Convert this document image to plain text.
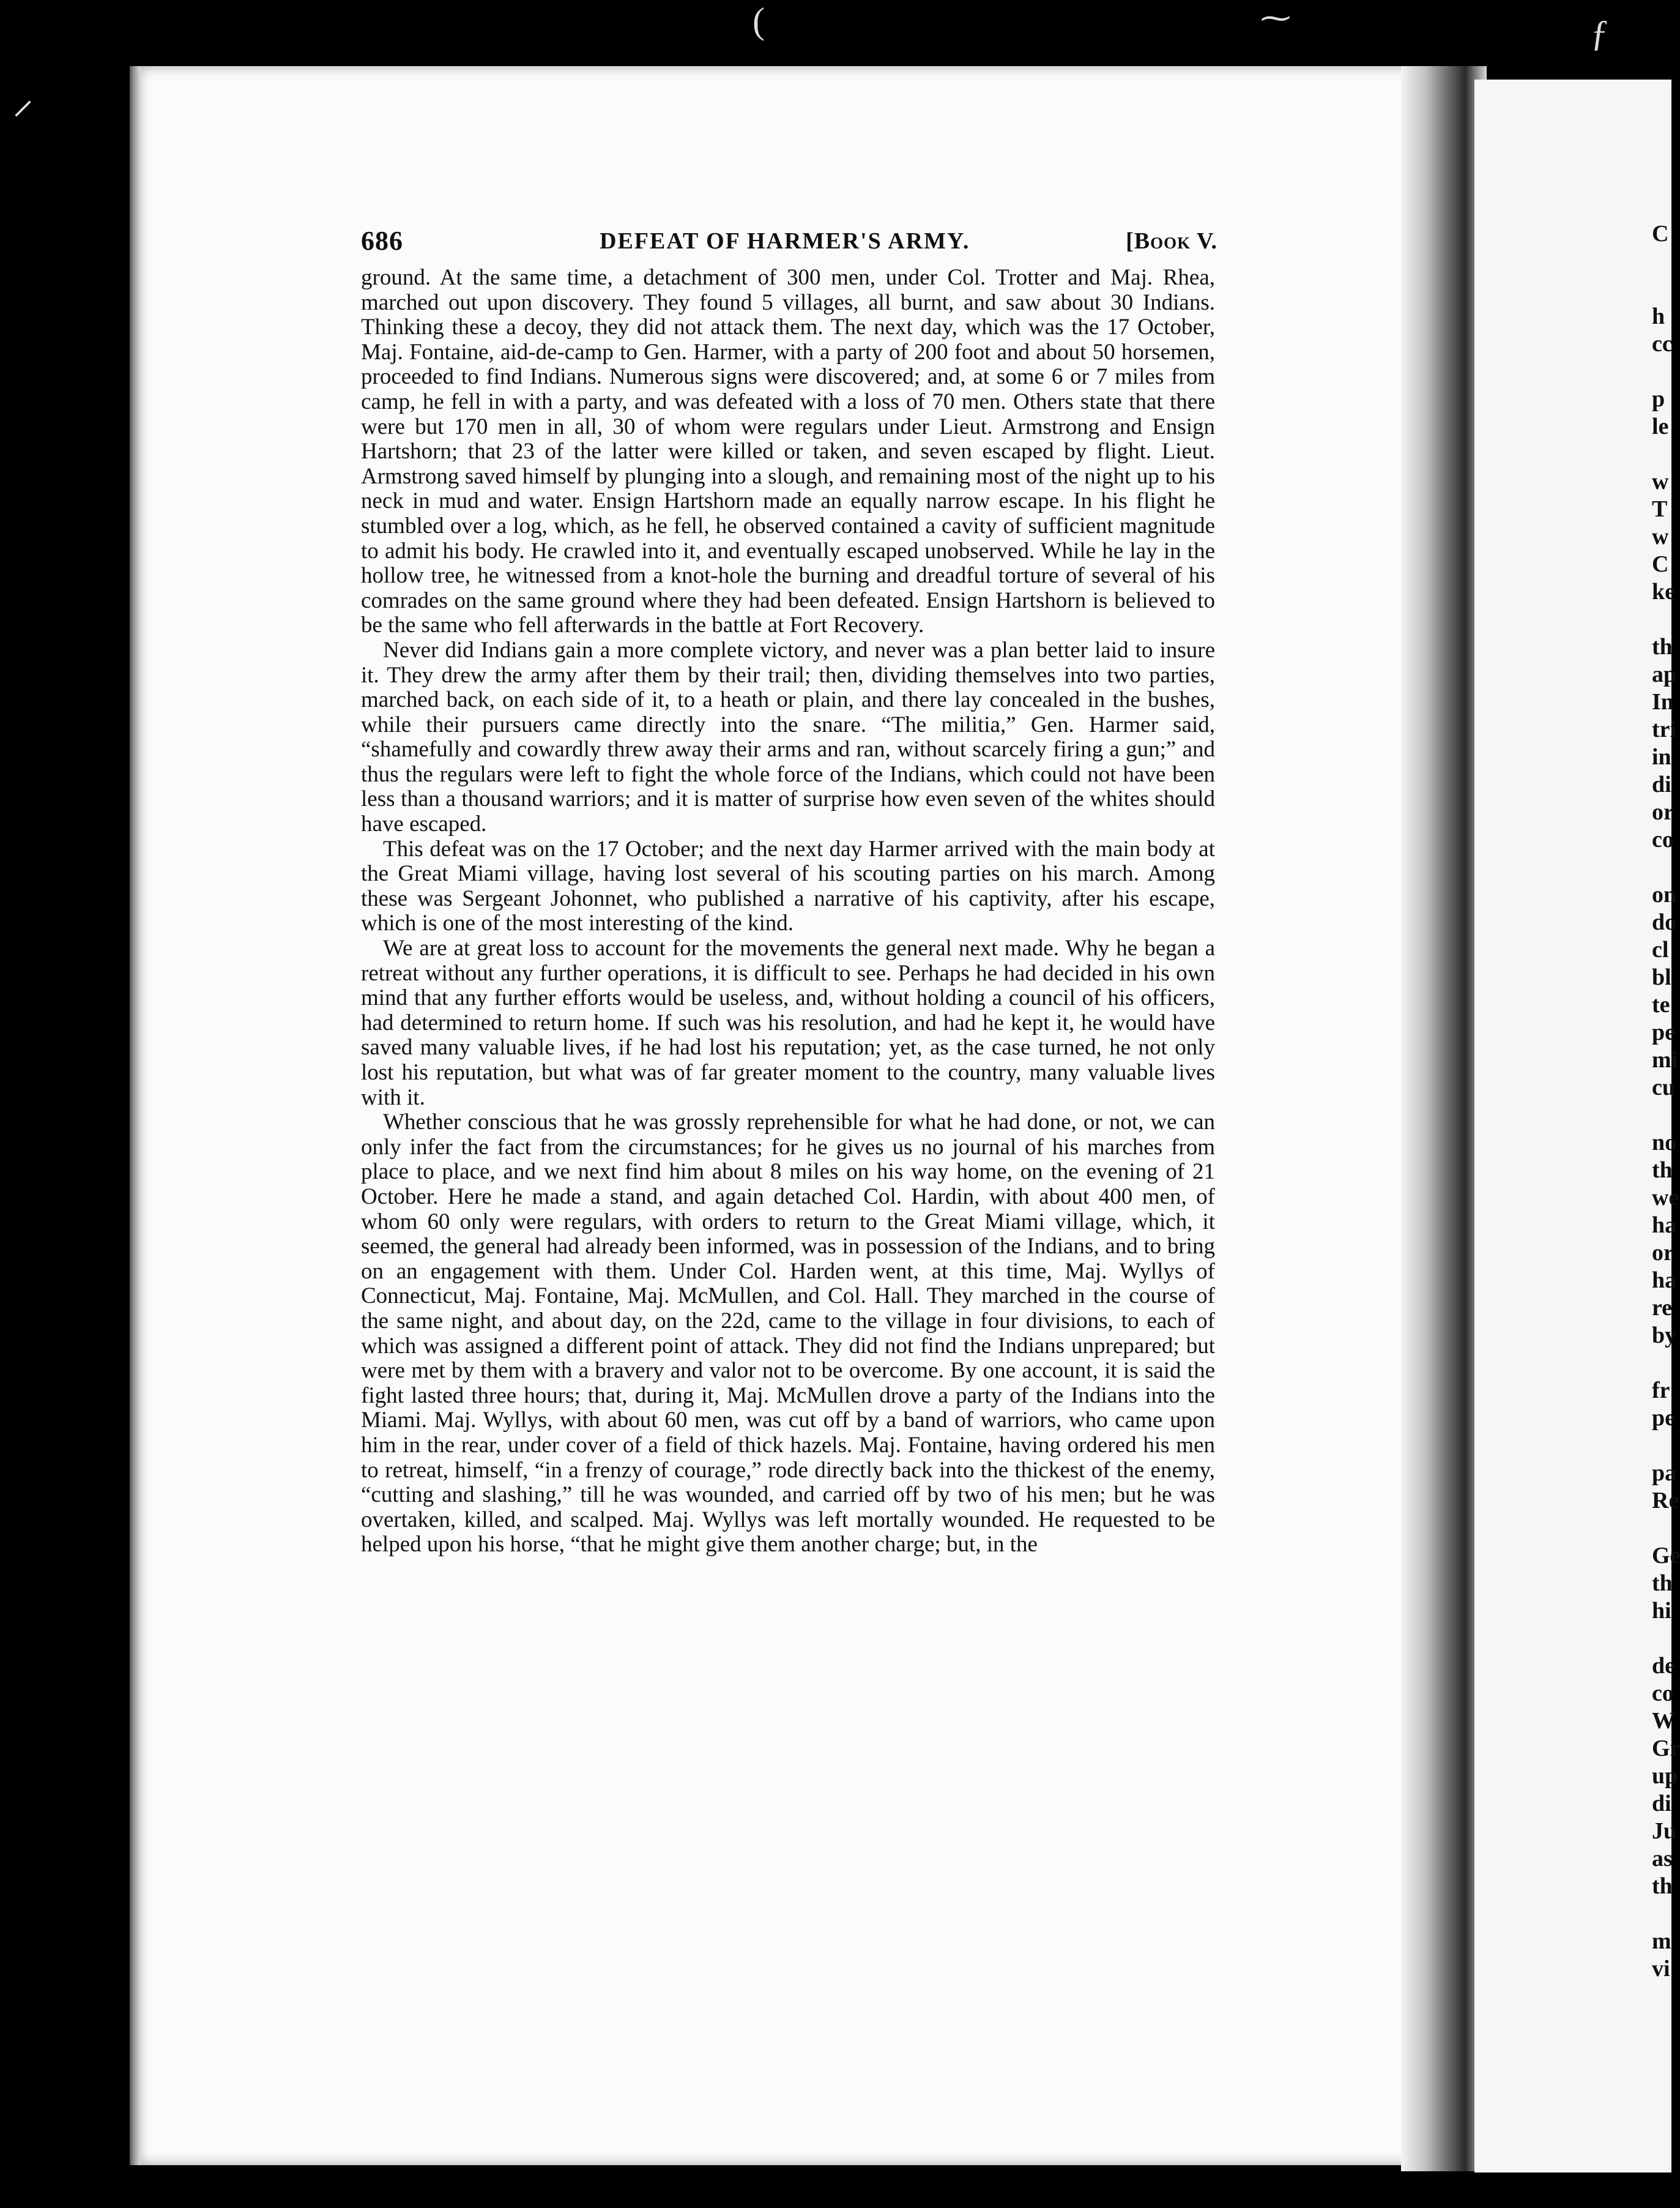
⸝
(	⁓	ƒ
C

h
cc

p
le

w
T
w
C
ke

th
ap
In
tri
in
di
or
co

on
do
cl
bl
te
pe
mi
cu

no
th
we
ha
or
ha
re
by

fr
pe

pa
Re

Ge
th
hi

de
co
W
Gr
up
di
Ju
as
th

m
vi
686	DEFEAT OF HARMER'S ARMY.	[Book V.

ground. At the same time, a detachment of 300 men, under Col. Trotter and Maj. Rhea, marched out upon discovery. They found 5 villages, all burnt, and saw about 30 Indians. Thinking these a decoy, they did not attack them. The next day, which was the 17 October, Maj. Fontaine, aid-de-camp to Gen. Harmer, with a party of 200 foot and about 50 horsemen, proceeded to find Indians. Numerous signs were discovered; and, at some 6 or 7 miles from camp, he fell in with a party, and was defeated with a loss of 70 men. Others state that there were but 170 men in all, 30 of whom were regulars under Lieut. Armstrong and Ensign Hartshorn; that 23 of the latter were killed or taken, and seven escaped by flight. Lieut. Armstrong saved himself by plunging into a slough, and remaining most of the night up to his neck in mud and water. Ensign Hartshorn made an equally narrow escape. In his flight he stumbled over a log, which, as he fell, he observed contained a cavity of sufficient magnitude to admit his body. He crawled into it, and eventually escaped unobserved. While he lay in the hollow tree, he witnessed from a knot-hole the burning and dreadful torture of several of his comrades on the same ground where they had been defeated. Ensign Hartshorn is believed to be the same who fell afterwards in the battle at Fort Recovery.

Never did Indians gain a more complete victory, and never was a plan better laid to insure it. They drew the army after them by their trail; then, dividing themselves into two parties, marched back, on each side of it, to a heath or plain, and there lay concealed in the bushes, while their pursuers came directly into the snare. “The militia,” Gen. Harmer said, “shamefully and cowardly threw away their arms and ran, without scarcely firing a gun;” and thus the regulars were left to fight the whole force of the Indians, which could not have been less than a thousand warriors; and it is matter of surprise how even seven of the whites should have escaped.

This defeat was on the 17 October; and the next day Harmer arrived with the main body at the Great Miami village, having lost several of his scouting parties on his march. Among these was Sergeant Johonnet, who published a narrative of his captivity, after his escape, which is one of the most interesting of the kind.

We are at great loss to account for the movements the general next made. Why he began a retreat without any further operations, it is difficult to see. Perhaps he had decided in his own mind that any further efforts would be useless, and, without holding a council of his officers, had determined to return home. If such was his resolution, and had he kept it, he would have saved many valuable lives, if he had lost his reputation; yet, as the case turned, he not only lost his reputation, but what was of far greater moment to the country, many valuable lives with it.

Whether conscious that he was grossly reprehensible for what he had done, or not, we can only infer the fact from the circumstances; for he gives us no journal of his marches from place to place, and we next find him about 8 miles on his way home, on the evening of 21 October. Here he made a stand, and again detached Col. Hardin, with about 400 men, of whom 60 only were regulars, with orders to return to the Great Miami village, which, it seemed, the general had already been informed, was in possession of the Indians, and to bring on an engagement with them. Under Col. Harden went, at this time, Maj. Wyllys of Connecticut, Maj. Fontaine, Maj. McMullen, and Col. Hall. They marched in the course of the same night, and about day, on the 22d, came to the village in four divisions, to each of which was assigned a different point of attack. They did not find the Indians unprepared; but were met by them with a bravery and valor not to be overcome. By one account, it is said the fight lasted three hours; that, during it, Maj. McMullen drove a party of the Indians into the Miami. Maj. Wyllys, with about 60 men, was cut off by a band of warriors, who came upon him in the rear, under cover of a field of thick hazels. Maj. Fontaine, having ordered his men to retreat, himself, “in a frenzy of courage,” rode directly back into the thickest of the enemy, “cutting and slashing,” till he was wounded, and carried off by two of his men; but he was overtaken, killed, and scalped. Maj. Wyllys was left mortally wounded. He requested to be helped upon his horse, “that he might give them another charge; but, in the
